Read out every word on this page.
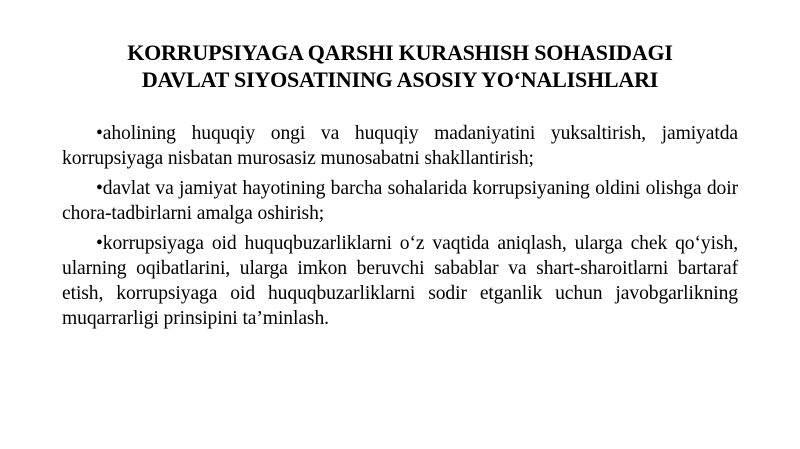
KORRUPSIYAGA QARSHI KURASHISH SOHASIDAGI
DAVLAT SIYOSATINING ASOSIY YO‘NALISHLARI

•aholining huquqiy ongi va huquqiy madaniyatini yuksaltirish, jamiyatda korrupsiyaga nisbatan murosasiz munosabatni shakllantirish;

•davlat va jamiyat hayotining barcha sohalarida korrupsiyaning oldini olishga doir chora-tadbirlarni amalga oshirish;

•korrupsiyaga oid huquqbuzarliklarni o‘z vaqtida aniqlash, ularga chek qo‘yish, ularning oqibatlarini, ularga imkon beruvchi sabablar va shart-sharoitlarni bartaraf etish, korrupsiyaga oid huquqbuzarliklarni sodir etganlik uchun javobgarlikning muqarrarligi prinsipini ta’minlash.
